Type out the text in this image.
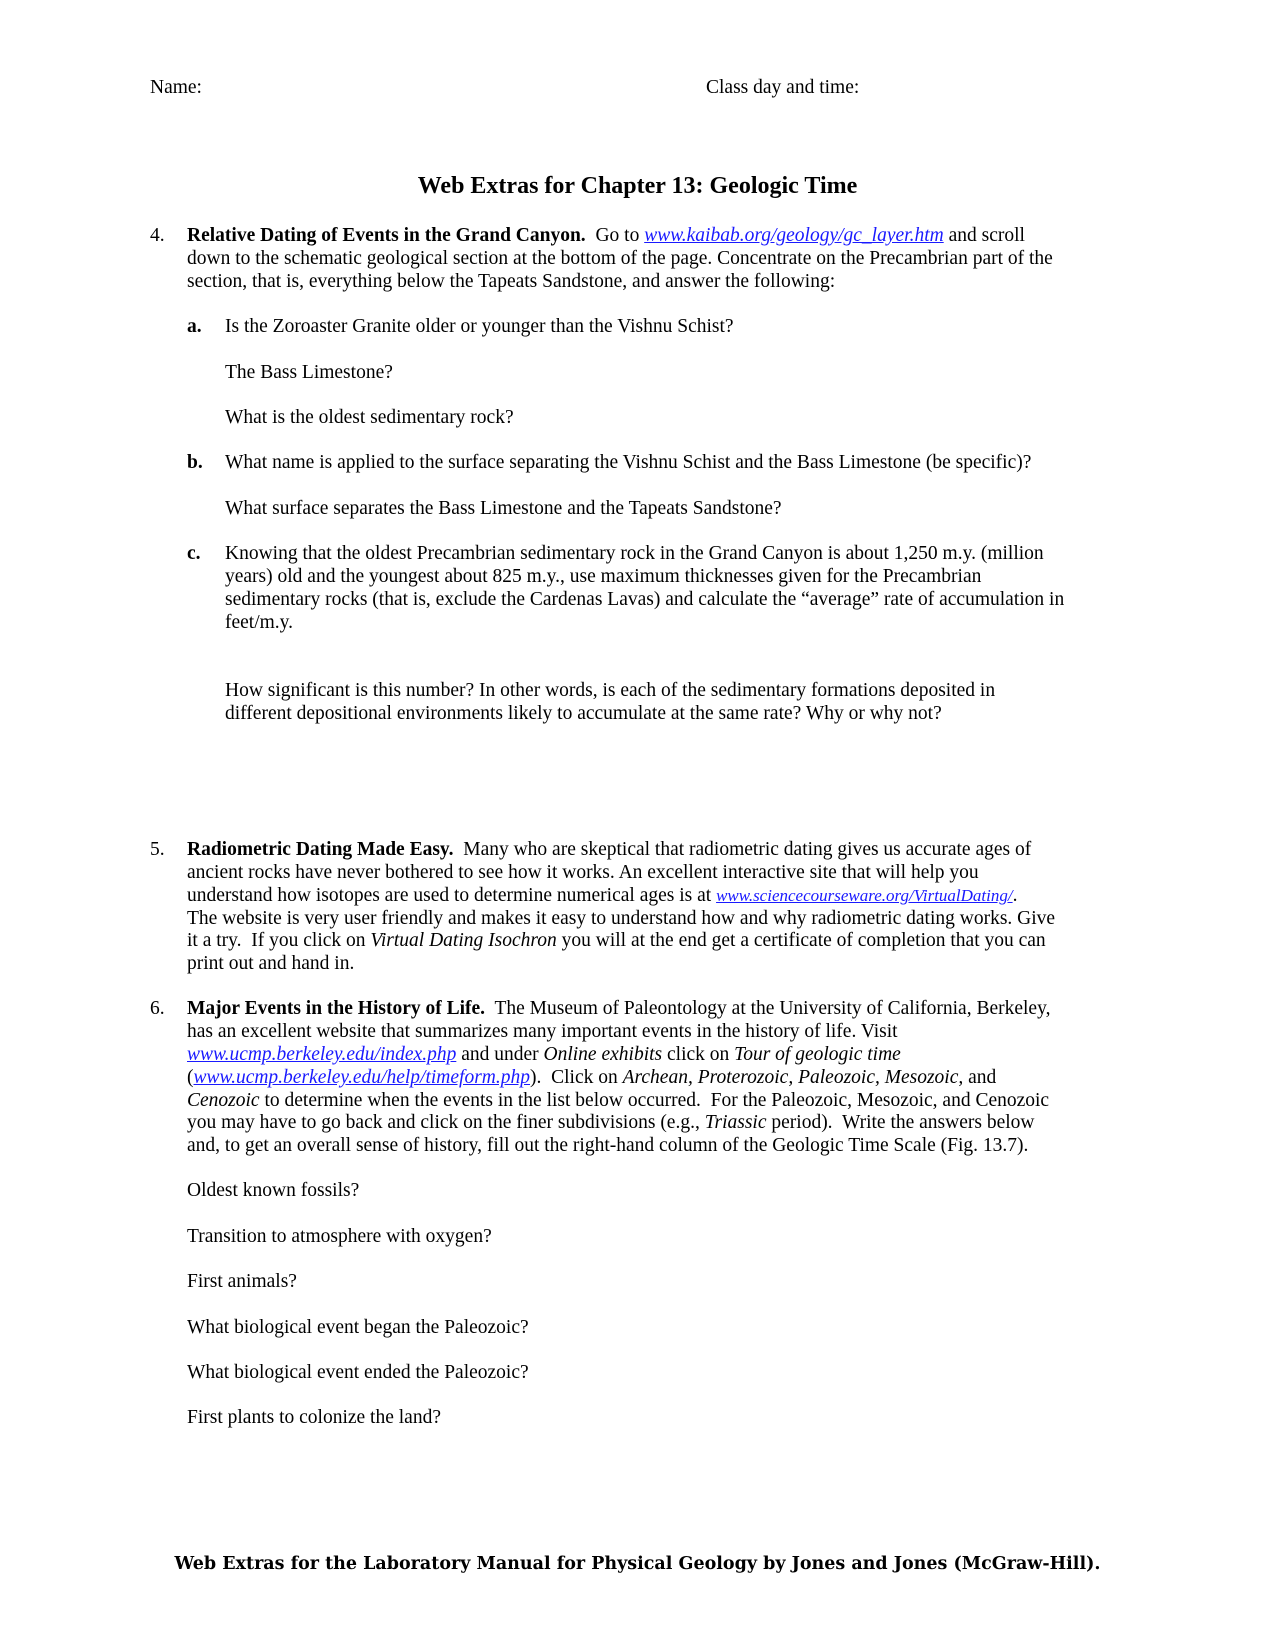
Name:	Class day and time:
Web Extras for Chapter 13: Geologic Time
4. Relative Dating of Events in the Grand Canyon.  Go to www.kaibab.org/geology/gc_layer.htm and scroll
down to the schematic geological section at the bottom of the page. Concentrate on the Precambrian part of the
section, that is, everything below the Tapeats Sandstone, and answer the following:
a. Is the Zoroaster Granite older or younger than the Vishnu Schist?
The Bass Limestone?
What is the oldest sedimentary rock?
b. What name is applied to the surface separating the Vishnu Schist and the Bass Limestone (be specific)?
What surface separates the Bass Limestone and the Tapeats Sandstone?
c. Knowing that the oldest Precambrian sedimentary rock in the Grand Canyon is about 1,250 m.y. (million
years) old and the youngest about 825 m.y., use maximum thicknesses given for the Precambrian
sedimentary rocks (that is, exclude the Cardenas Lavas) and calculate the “average” rate of accumulation in
feet/m.y.
How significant is this number? In other words, is each of the sedimentary formations deposited in
different depositional environments likely to accumulate at the same rate? Why or why not?
5. Radiometric Dating Made Easy.  Many who are skeptical that radiometric dating gives us accurate ages of
ancient rocks have never bothered to see how it works. An excellent interactive site that will help you
understand how isotopes are used to determine numerical ages is at www.sciencecourseware.org/VirtualDating/.
The website is very user friendly and makes it easy to understand how and why radiometric dating works. Give
it a try.  If you click on Virtual Dating Isochron you will at the end get a certificate of completion that you can
print out and hand in.
6. Major Events in the History of Life.  The Museum of Paleontology at the University of California, Berkeley,
has an excellent website that summarizes many important events in the history of life. Visit
www.ucmp.berkeley.edu/index.php and under Online exhibits click on Tour of geologic time
(www.ucmp.berkeley.edu/help/timeform.php).  Click on Archean, Proterozoic, Paleozoic, Mesozoic, and
Cenozoic to determine when the events in the list below occurred.  For the Paleozoic, Mesozoic, and Cenozoic
you may have to go back and click on the finer subdivisions (e.g., Triassic period).  Write the answers below
and, to get an overall sense of history, fill out the right-hand column of the Geologic Time Scale (Fig. 13.7).
Oldest known fossils?
Transition to atmosphere with oxygen?
First animals?
What biological event began the Paleozoic?
What biological event ended the Paleozoic?
First plants to colonize the land?
Web Extras for the Laboratory Manual for Physical Geology by Jones and Jones (McGraw-Hill).
